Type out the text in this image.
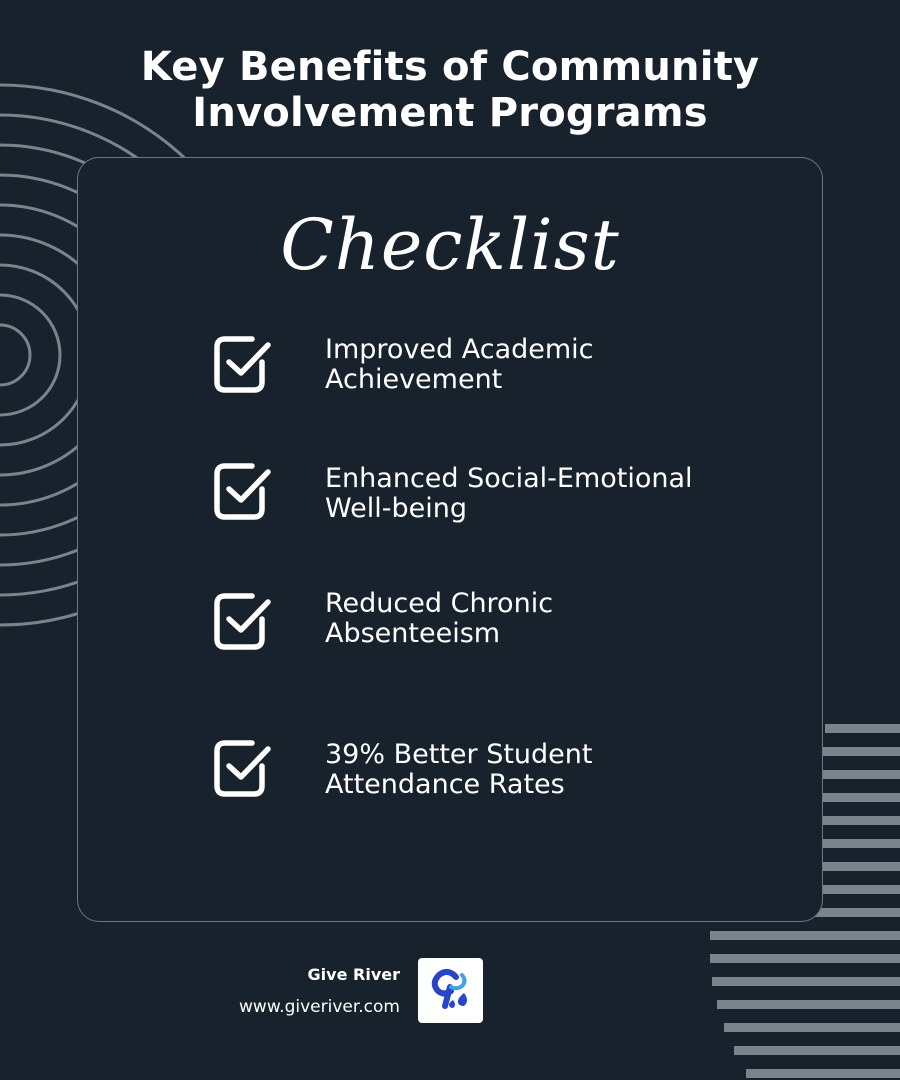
Key Benefits of Community
Involvement Programs
Checklist
Improved Academic
Achievement
Enhanced Social-Emotional
Well-being
Reduced Chronic
Absenteeism
39% Better Student
Attendance Rates
Give River
www.giveriver.com
